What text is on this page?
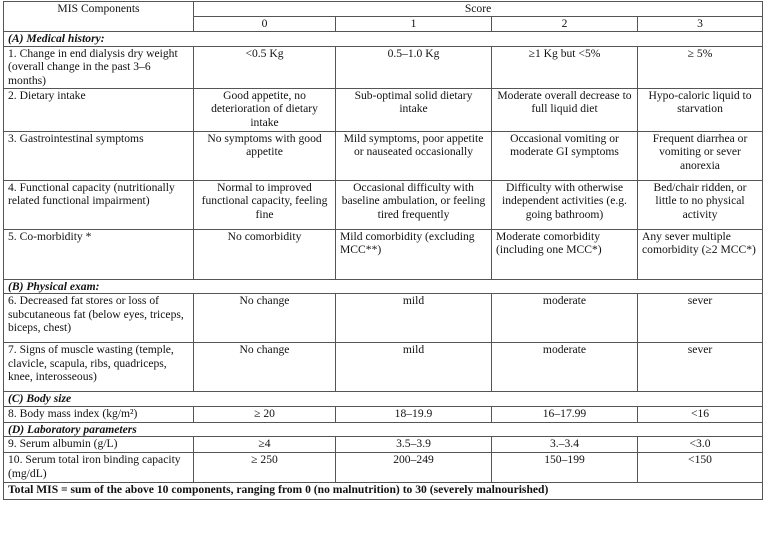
MIS Components	Score			
	0	1	2	3
(A) Medical history:				
1. Change in end dialysis dry weight (overall change in the past 3–6 months)	<0.5 Kg	0.5–1.0 Kg	≥1 Kg but <5%	≥ 5%
2. Dietary intake	Good appetite, no deterioration of dietary intake	Sub-optimal solid dietary intake	Moderate overall decrease to full liquid diet	Hypo-caloric liquid to starvation
3. Gastrointestinal symptoms	No symptoms with good appetite	Mild symptoms, poor appetite or nauseated occasionally	Occasional vomiting or moderate GI symptoms	Frequent diarrhea or vomiting or sever anorexia
4. Functional capacity (nutritionally related functional impairment)	Normal to improved functional capacity, feeling fine	Occasional difficulty with baseline ambulation, or feeling tired frequently	Difficulty with otherwise independent activities (e.g. going bathroom)	Bed/chair ridden, or little to no physical activity
5. Co-morbidity *	No comorbidity	Mild comorbidity (excluding MCC**)	Moderate comorbidity (including one MCC*)	Any sever multiple comorbidity (≥2 MCC*)
(B) Physical exam:				
6. Decreased fat stores or loss of subcutaneous fat (below eyes, triceps, biceps, chest)	No change	mild	moderate	sever
7. Signs of muscle wasting (temple, clavicle, scapula, ribs, quadriceps, knee, interosseous)	No change	mild	moderate	sever
(C) Body size				
8. Body mass index (kg/m²)	≥ 20	18–19.9	16–17.99	<16
(D) Laboratory parameters				
9. Serum albumin (g/L)	≥4	3.5–3.9	3.–3.4	<3.0
10. Serum total iron binding capacity (mg/dL)	≥ 250	200–249	150–199	<150
Total MIS = sum of the above 10 components, ranging from 0 (no malnutrition) to 30 (severely malnourished)				
